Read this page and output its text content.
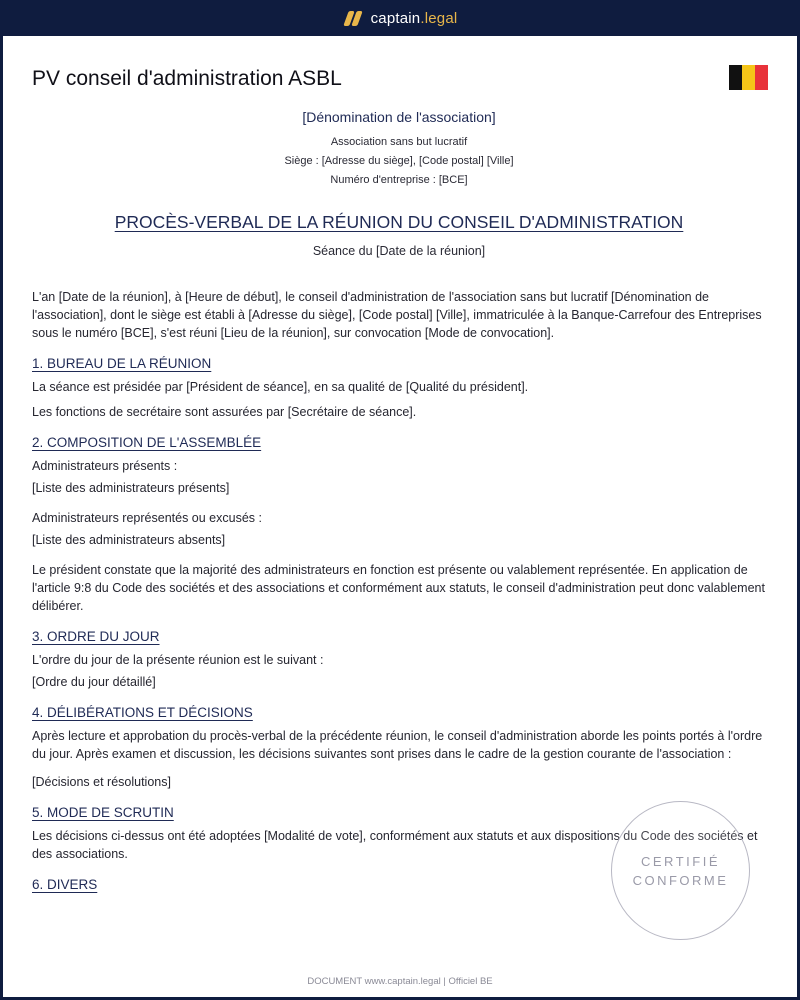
captain.legal
PV conseil d'administration ASBL
[Dénomination de l'association]
Association sans but lucratif
Siège : [Adresse du siège], [Code postal] [Ville]
Numéro d'entreprise : [BCE]
PROCÈS-VERBAL DE LA RÉUNION DU CONSEIL D'ADMINISTRATION
Séance du [Date de la réunion]

L'an [Date de la réunion], à [Heure de début], le conseil d'administration de l'association sans but lucratif [Dénomination de l'association], dont le siège est établi à [Adresse du siège], [Code postal] [Ville], immatriculée à la Banque-Carrefour des Entreprises sous le numéro [BCE], s'est réuni [Lieu de la réunion], sur convocation [Mode de convocation].

1. BUREAU DE LA RÉUNION

La séance est présidée par [Président de séance], en sa qualité de [Qualité du président].

Les fonctions de secrétaire sont assurées par [Secrétaire de séance].

2. COMPOSITION DE L'ASSEMBLÉE

Administrateurs présents :

[Liste des administrateurs présents]

Administrateurs représentés ou excusés :

[Liste des administrateurs absents]

Le président constate que la majorité des administrateurs en fonction est présente ou valablement représentée. En application de l'article 9:8 du Code des sociétés et des associations et conformément aux statuts, le conseil d'administration peut donc valablement délibérer.

3. ORDRE DU JOUR

L'ordre du jour de la présente réunion est le suivant :

[Ordre du jour détaillé]

4. DÉLIBÉRATIONS ET DÉCISIONS

Après lecture et approbation du procès-verbal de la précédente réunion, le conseil d'administration aborde les points portés à l'ordre du jour. Après examen et discussion, les décisions suivantes sont prises dans le cadre de la gestion courante de l'association :

[Décisions et résolutions]

5. MODE DE SCRUTIN

Les décisions ci-dessus ont été adoptées [Modalité de vote], conformément aux statuts et aux dispositions du Code des sociétés et des associations.

6. DIVERS
CERTIFIÉ
CONFORME
DOCUMENT www.captain.legal | Officiel BE
